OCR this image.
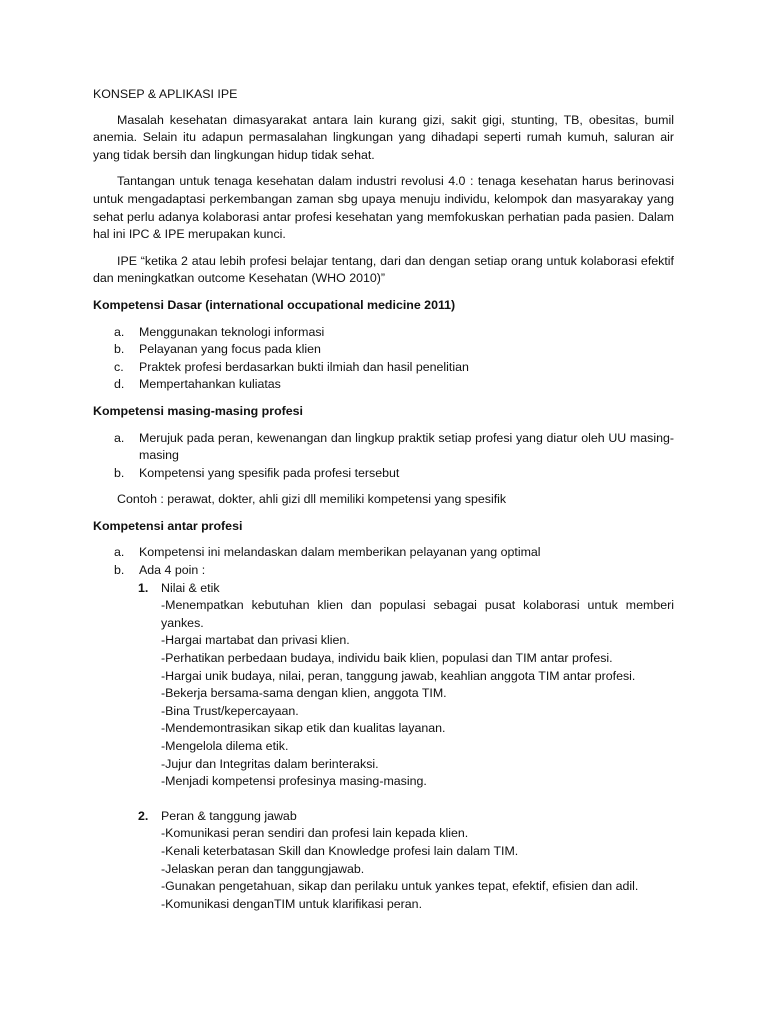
KONSEP & APLIKASI IPE
Masalah kesehatan dimasyarakat antara lain kurang gizi, sakit gigi, stunting, TB, obesitas, bumil anemia. Selain itu adapun permasalahan lingkungan yang dihadapi seperti rumah kumuh, saluran air yang tidak bersih dan lingkungan hidup tidak sehat.
Tantangan untuk tenaga kesehatan dalam industri revolusi 4.0 : tenaga kesehatan harus berinovasi untuk mengadaptasi perkembangan zaman sbg upaya menuju individu, kelompok dan masyarakay yang sehat perlu adanya kolaborasi antar profesi kesehatan yang memfokuskan perhatian pada pasien. Dalam hal ini IPC & IPE merupakan kunci.
IPE “ketika 2 atau lebih profesi belajar tentang, dari dan dengan setiap orang untuk kolaborasi efektif dan meningkatkan outcome Kesehatan (WHO 2010)”
Kompetensi Dasar (international occupational medicine 2011)
a. Menggunakan teknologi informasi
b. Pelayanan yang focus pada klien
c. Praktek profesi berdasarkan bukti ilmiah dan hasil penelitian
d. Mempertahankan kuliatas
Kompetensi masing-masing profesi
a. Merujuk pada peran, kewenangan dan lingkup praktik setiap profesi yang diatur oleh UU masing-masing
b. Kompetensi yang spesifik pada profesi tersebut
Contoh : perawat, dokter, ahli gizi dll memiliki kompetensi yang spesifik
Kompetensi antar profesi
a. Kompetensi ini melandaskan dalam memberikan pelayanan yang optimal
b. Ada 4 poin :
1. Nilai & etik
-Menempatkan kebutuhan klien dan populasi sebagai pusat kolaborasi untuk memberi yankes.
-Hargai martabat dan privasi klien.
-Perhatikan perbedaan budaya, individu baik klien, populasi dan TIM antar profesi.
-Hargai unik budaya, nilai, peran, tanggung jawab, keahlian anggota TIM antar profesi.
-Bekerja bersama-sama dengan klien, anggota TIM.
-Bina Trust/kepercayaan.
-Mendemontrasikan sikap etik dan kualitas layanan.
-Mengelola dilema etik.
-Jujur dan Integritas dalam berinteraksi.
-Menjadi kompetensi profesinya masing-masing.
2. Peran & tanggung jawab
-Komunikasi peran sendiri dan profesi lain kepada klien.
-Kenali keterbatasan Skill dan Knowledge profesi lain dalam TIM.
-Jelaskan peran dan tanggungjawab.
-Gunakan pengetahuan, sikap dan perilaku untuk yankes tepat, efektif, efisien dan adil.
-Komunikasi denganTIM untuk klarifikasi peran.
